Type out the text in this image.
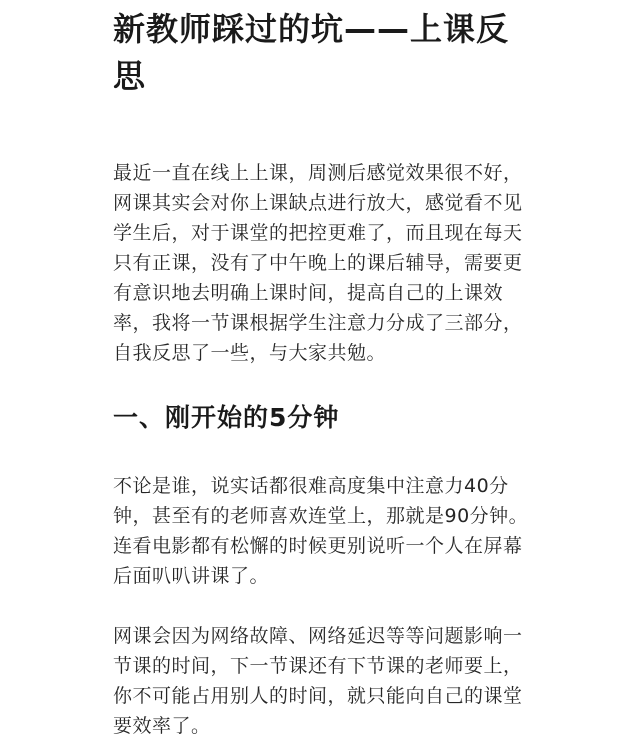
新教师踩过的坑——上课反思

最近一直在线上上课，周测后感觉效果很不好，网课其实会对你上课缺点进行放大，感觉看不见学生后，对于课堂的把控更难了，而且现在每天只有正课，没有了中午晚上的课后辅导，需要更有意识地去明确上课时间，提高自己的上课效率，我将一节课根据学生注意力分成了三部分，自我反思了一些，与大家共勉。

一、刚开始的5分钟

不论是谁，说实话都很难高度集中注意力40分钟，甚至有的老师喜欢连堂上，那就是90分钟。连看电影都有松懈的时候更别说听一个人在屏幕后面叭叭讲课了。

网课会因为网络故障、网络延迟等等问题影响一节课的时间，下一节课还有下节课的老师要上，你不可能占用别人的时间，就只能向自己的课堂要效率了。
